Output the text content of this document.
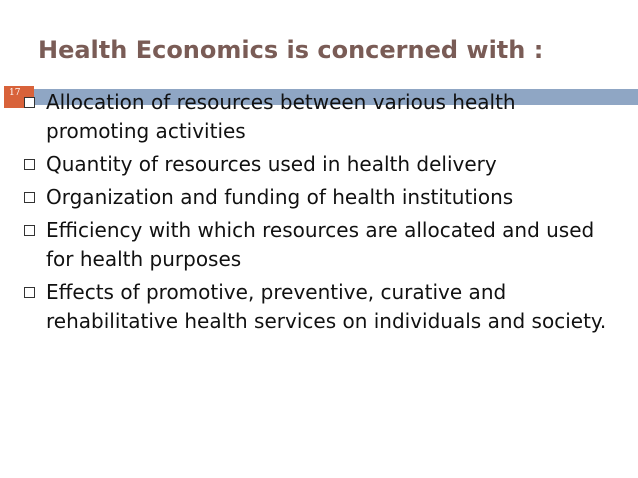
Health Economics is concerned with :
17	Allocation of resources between various health promoting activities
Quantity of resources used in health delivery
Organization and funding of health institutions
Efficiency with which resources are allocated and used for health purposes
Effects of promotive, preventive, curative and rehabilitative health services on individuals and society.
